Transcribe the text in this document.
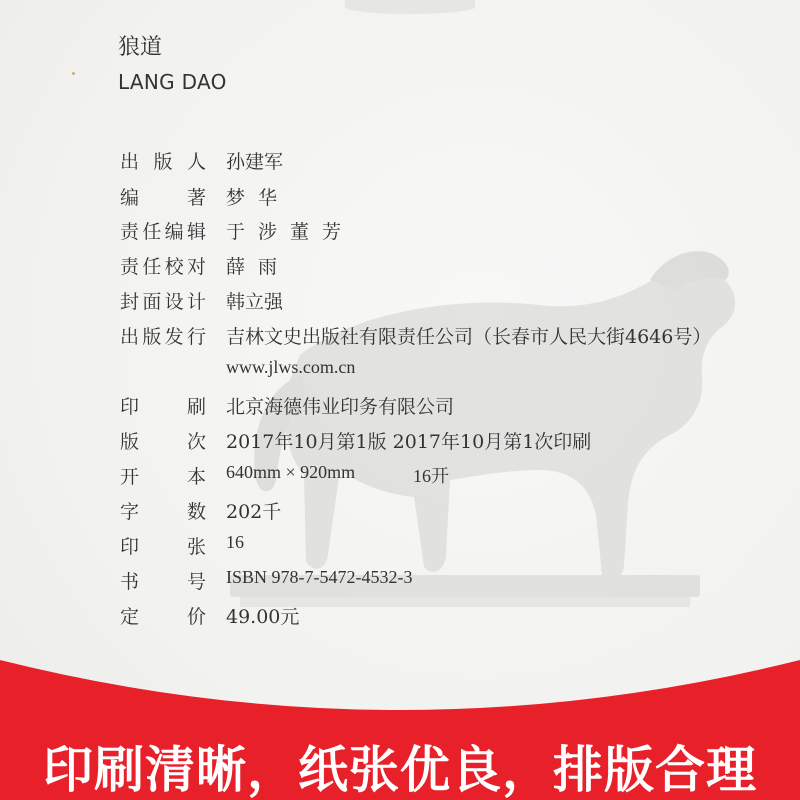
狼道
LANG DAO
出 版 人 孙建军
编	著 梦华
责 任 编 辑 于涉董芳
责 任 校 对 薛雨
封 面 设 计 韩立强
出 版 发 行 吉林文史出版社有限责任公司（长春市人民大街4646号）
www.jlws.com.cn
印	刷 北京海德伟业印务有限公司
版	次 2017年10月第1版 2017年10月第1次印刷
开	本 640mm × 920mm	16开
字	数 202千
印	张 16
书	号 ISBN 978-7-5472-4532-3
定	价 49.00元
印刷清晰，纸张优良，排版合理
